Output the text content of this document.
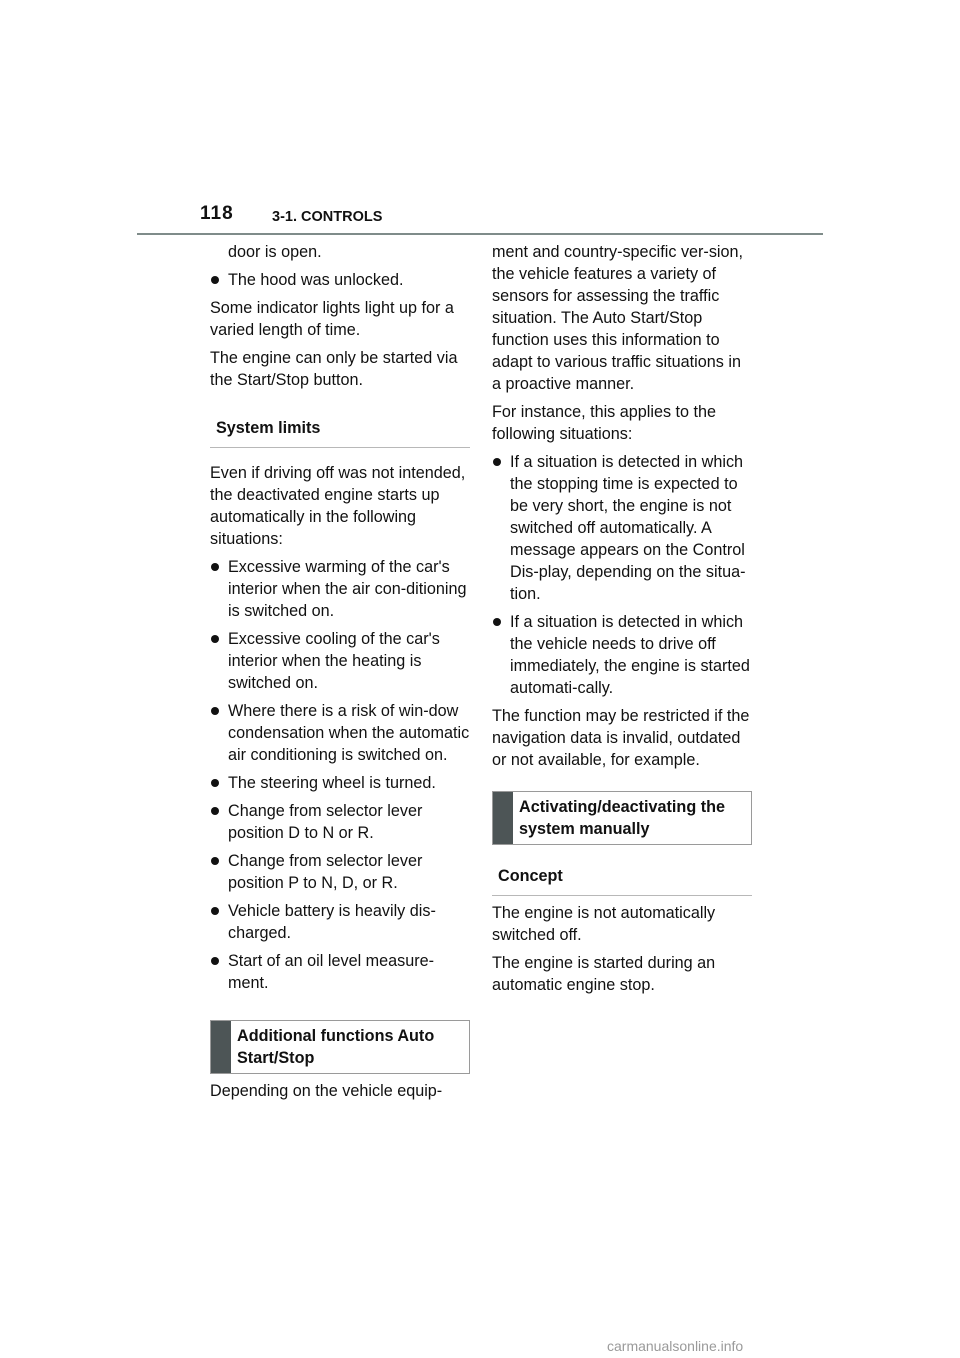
118	3-1. CONTROLS

door is open.

The hood was unlocked.

Some indicator lights light up for a varied length of time.

The engine can only be started via the Start/Stop button.

System limits

Even if driving off was not intended, the deactivated engine starts up automatically in the following situations:

Excessive warming of the car's interior when the air con-ditioning is switched on.
Excessive cooling of the car's interior when the heating is switched on.
Where there is a risk of win-dow condensation when the automatic air conditioning is switched on.
The steering wheel is turned.
Change from selector lever position D to N or R.
Change from selector lever position P to N, D, or R.
Vehicle battery is heavily dis-charged.
Start of an oil level measure-ment.
Additional functions Auto Start/Stop

Depending on the vehicle equip-

ment and country-specific ver-sion, the vehicle features a variety of sensors for assessing the traffic situation. The Auto Start/Stop function uses this information to adapt to various traffic situations in a proactive manner.

For instance, this applies to the following situations:

If a situation is detected in which the stopping time is expected to be very short, the engine is not switched off automatically. A message appears on the Control Dis-play, depending on the situa-tion.
If a situation is detected in which the vehicle needs to drive off immediately, the engine is started automati-cally.

The function may be restricted if the navigation data is invalid, outdated or not available, for example.

Activating/deactivating the system manually
Concept

The engine is not automatically switched off.

The engine is started during an automatic engine stop.

carmanualsonline.info
